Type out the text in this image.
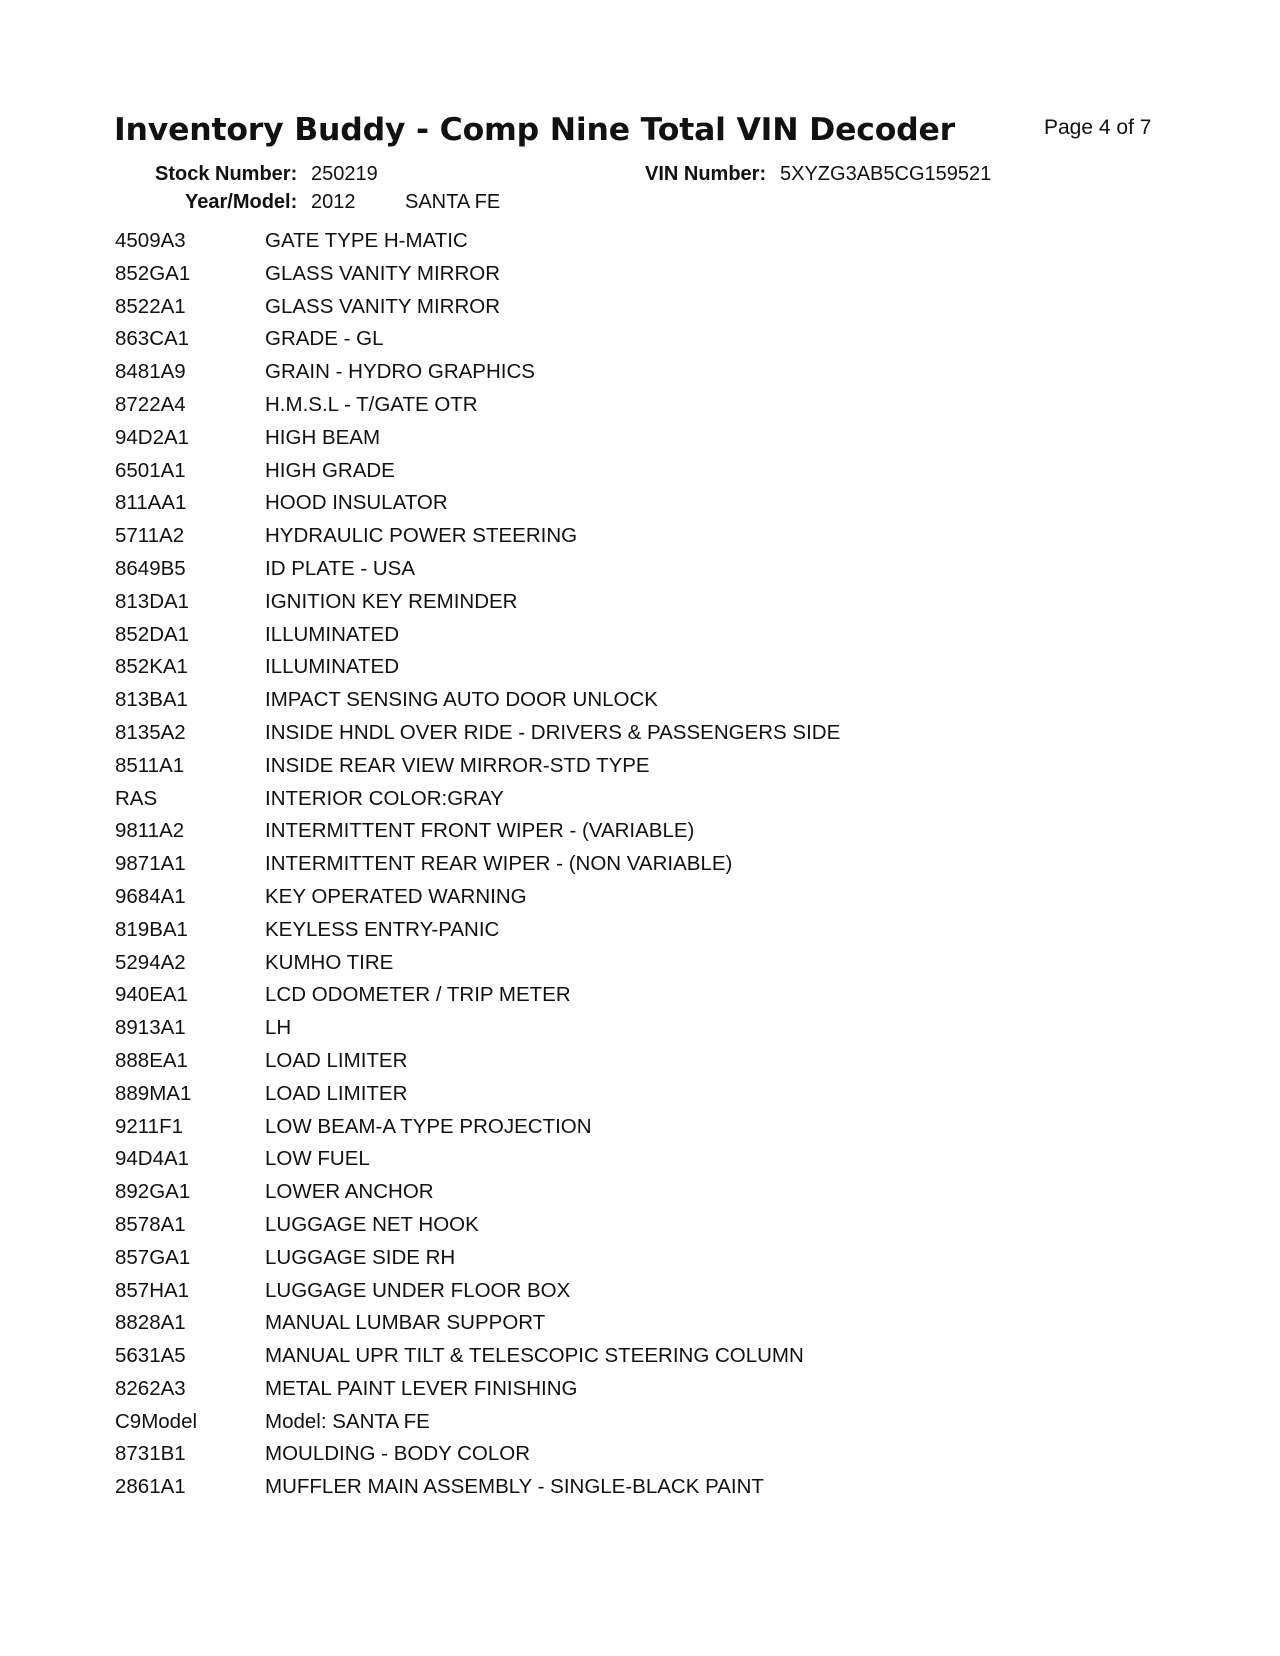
Inventory Buddy - Comp Nine Total VIN Decoder	Page 4 of 7
Stock Number: 250219
Year/Model: 2012 SANTA FE
VIN Number: 5XYZG3AB5CG159521
4509A3	GATE TYPE H-MATIC
852GA1	GLASS VANITY MIRROR
8522A1	GLASS VANITY MIRROR
863CA1	GRADE - GL
8481A9	GRAIN - HYDRO GRAPHICS
8722A4	H.M.S.L - T/GATE OTR
94D2A1	HIGH BEAM
6501A1	HIGH GRADE
811AA1	HOOD INSULATOR
5711A2	HYDRAULIC POWER STEERING
8649B5	ID PLATE - USA
813DA1	IGNITION KEY REMINDER
852DA1	ILLUMINATED
852KA1	ILLUMINATED
813BA1	IMPACT SENSING AUTO DOOR UNLOCK
8135A2	INSIDE HNDL OVER RIDE - DRIVERS & PASSENGERS SIDE
8511A1	INSIDE REAR VIEW MIRROR-STD TYPE
RAS	INTERIOR COLOR:GRAY
9811A2	INTERMITTENT FRONT WIPER - (VARIABLE)
9871A1	INTERMITTENT REAR WIPER - (NON VARIABLE)
9684A1	KEY OPERATED WARNING
819BA1	KEYLESS ENTRY-PANIC
5294A2	KUMHO TIRE
940EA1	LCD ODOMETER / TRIP METER
8913A1	LH
888EA1	LOAD LIMITER
889MA1	LOAD LIMITER
9211F1	LOW BEAM-A TYPE PROJECTION
94D4A1	LOW FUEL
892GA1	LOWER ANCHOR
8578A1	LUGGAGE NET HOOK
857GA1	LUGGAGE SIDE RH
857HA1	LUGGAGE UNDER FLOOR BOX
8828A1	MANUAL LUMBAR SUPPORT
5631A5	MANUAL UPR TILT & TELESCOPIC STEERING COLUMN
8262A3	METAL PAINT LEVER FINISHING
C9Model	Model: SANTA FE
8731B1	MOULDING - BODY COLOR
2861A1	MUFFLER MAIN ASSEMBLY - SINGLE-BLACK PAINT
